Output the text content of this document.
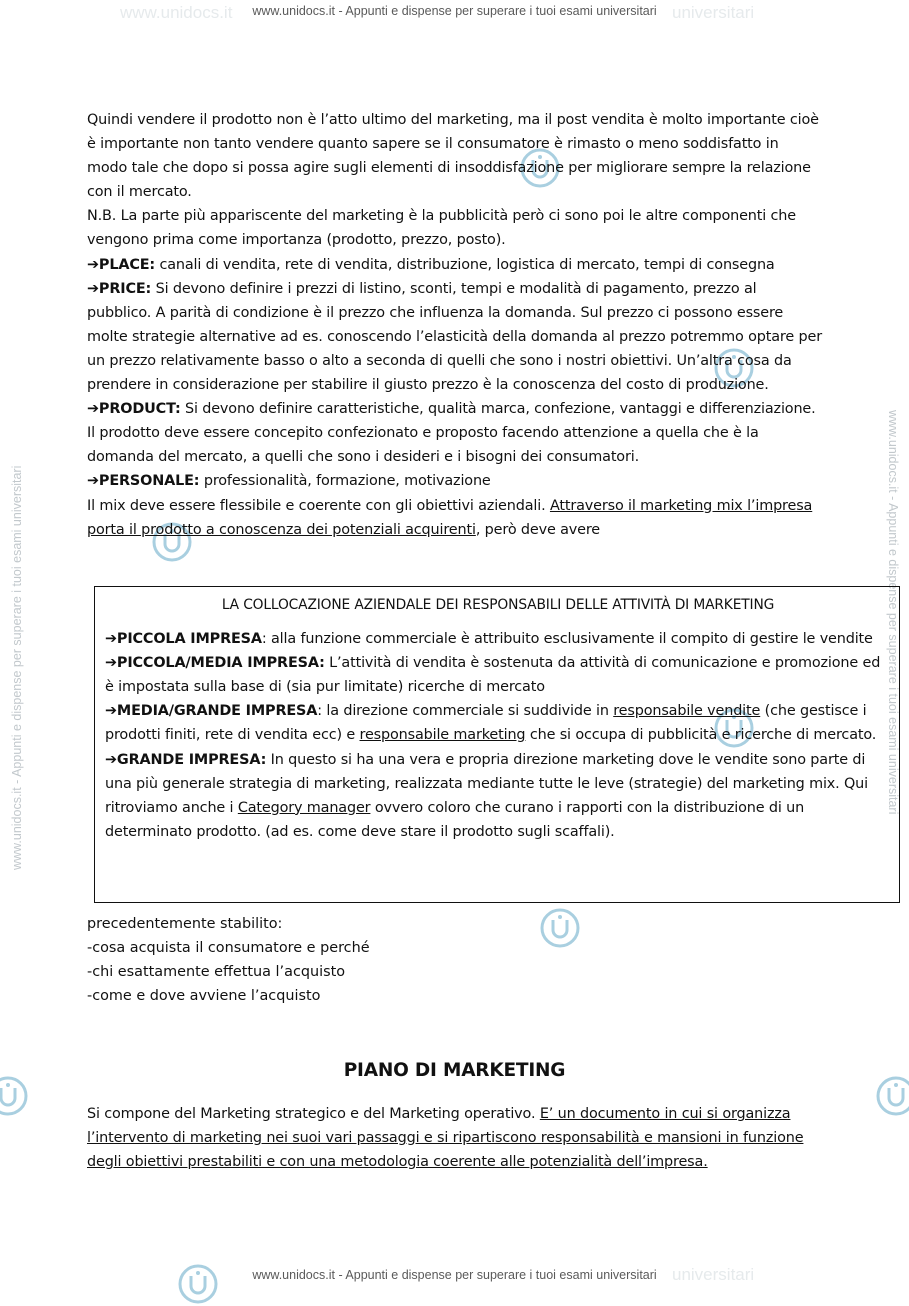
www.unidocs.it	universitari
www.unidocs.it - Appunti e dispense per superare i tuoi esami universitari
universitari
www.unidocs.it - Appunti e dispense per superare i tuoi esami universitari
www.unidocs.it - Appunti e dispense per superare i tuoi esami universitari	www.unidocs.it - Appunti e dispense per superare i tuoi esami universitari

Quindi vendere il prodotto non è l’atto ultimo del marketing, ma il post vendita è molto importante cioè è importante non tanto vendere quanto sapere se il consumatore è rimasto o meno soddisfatto in modo tale che dopo si possa agire sugli elementi di insoddisfazione per migliorare sempre la relazione con il mercato.

N.B. La parte più appariscente del marketing è la pubblicità però ci sono poi le altre componenti che vengono prima come importanza (prodotto, prezzo, posto).

➔PLACE: canali di vendita, rete di vendita, distribuzione, logistica di mercato, tempi di consegna

➔PRICE: Si devono definire i prezzi di listino, sconti, tempi e modalità di pagamento, prezzo al pubblico. A parità di condizione è il prezzo che influenza la domanda. Sul prezzo ci possono essere molte strategie alternative ad es. conoscendo l’elasticità della domanda al prezzo potremmo optare per un prezzo relativamente basso o alto a seconda di quelli che sono i nostri obiettivi. Un’altra cosa da prendere in considerazione per stabilire il giusto prezzo è la conoscenza del costo di produzione.

➔PRODUCT: Si devono definire caratteristiche, qualità marca, confezione, vantaggi e differenziazione. Il prodotto deve essere concepito confezionato e proposto facendo attenzione a quella che è la domanda del mercato, a quelli che sono i desideri e i bisogni dei consumatori.

➔PERSONALE: professionalità, formazione, motivazione

Il mix deve essere flessibile e coerente con gli obiettivi aziendali. Attraverso il marketing mix l’impresa porta il prodotto a conoscenza dei potenziali acquirenti, però deve avere

LA COLLOCAZIONE AZIENDALE DEI RESPONSABILI DELLE ATTIVITÀ DI MARKETING

➔PICCOLA IMPRESA: alla funzione commerciale è attribuito esclusivamente il compito di gestire le vendite

➔PICCOLA/MEDIA IMPRESA: L’attività di vendita è sostenuta da attività di comunicazione e promozione ed è impostata sulla base di (sia pur limitate) ricerche di mercato

➔MEDIA/GRANDE IMPRESA: la direzione commerciale si suddivide in responsabile vendite (che gestisce i prodotti finiti, rete di vendita ecc) e responsabile marketing che si occupa di pubblicità e ricerche di mercato.

➔GRANDE IMPRESA: In questo si ha una vera e propria direzione marketing dove le vendite sono parte di una più generale strategia di marketing, realizzata mediante tutte le leve (strategie) del marketing mix. Qui ritroviamo anche i Category manager ovvero coloro che curano i rapporti con la distribuzione di un determinato prodotto. (ad es. come deve stare il prodotto sugli scaffali).

precedentemente stabilito:

-cosa acquista il consumatore e perché

-chi esattamente effettua l’acquisto

-come e dove avviene l’acquisto

PIANO DI MARKETING

Si compone del Marketing strategico e del Marketing operativo. E’ un documento in cui si organizza l’intervento di marketing nei suoi vari passaggi e si ripartiscono responsabilità e mansioni in funzione degli obiettivi prestabiliti e con una metodologia coerente alle potenzialità dell’impresa.
